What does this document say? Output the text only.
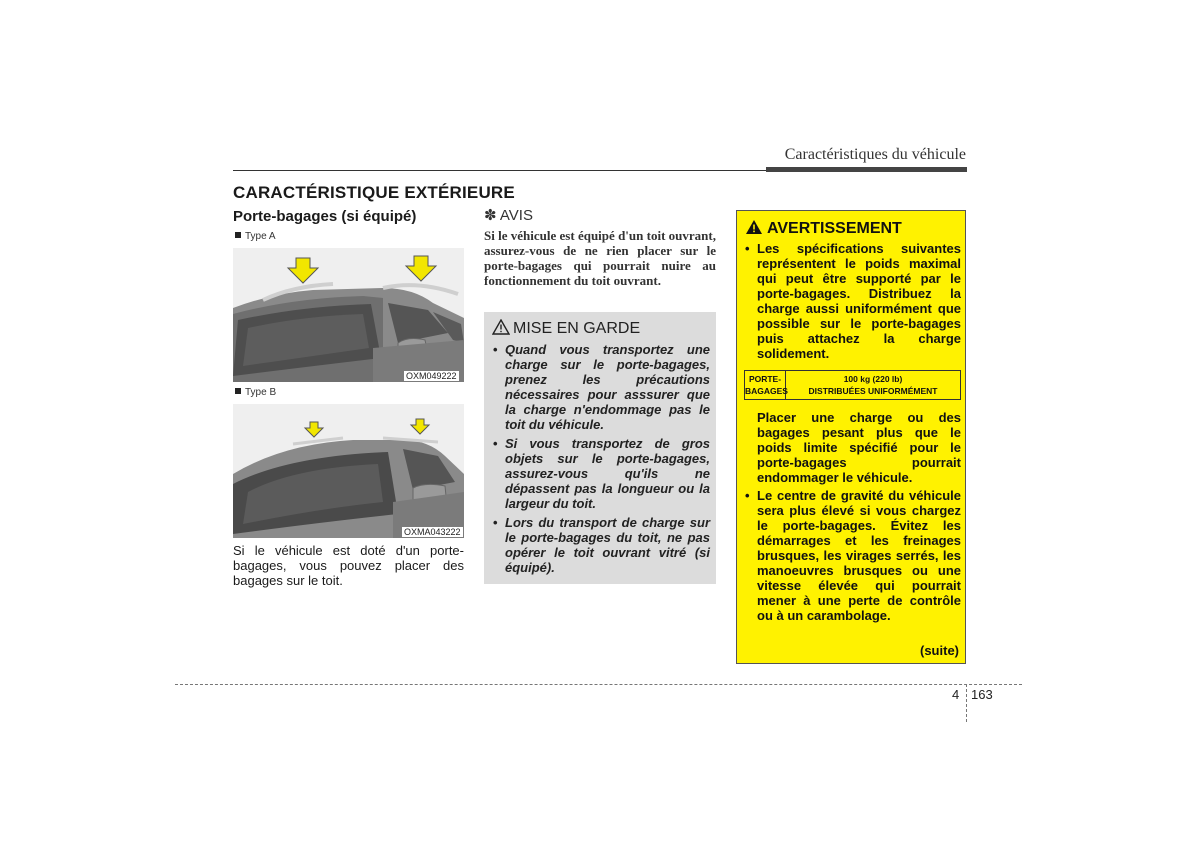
Caractéristiques du véhicule
CARACTÉRISTIQUE EXTÉRIEURE
Porte-bagages (si équipé)
Type A
OXM049222
Type B
OXMA043222
Si le véhicule est doté d'un porte-bagages, vous pouvez placer des bagages sur le toit.
✽ AVIS
Si le véhicule est équipé d'un toit ouvrant, assurez-vous de ne rien placer sur le porte-bagages qui pourrait nuire au fonctionnement du toit ouvrant.
MISE EN GARDE
• Quand vous transportez une charge sur le porte-bagages, prenez les précautions nécessaires pour asssurer que la charge n'endommage pas le toit du véhicule.
• Si vous transportez de gros objets sur le porte-bagages, assurez-vous qu'ils ne dépassent pas la longueur ou la largeur du toit.
• Lors du transport de charge sur le porte-bagages du toit, ne pas opérer le toit ouvrant vitré (si équipé).
AVERTISSEMENT
• Les spécifications suivantes représentent le poids maximal qui peut être supporté par le porte-bagages. Distribuez la charge aussi uniformément que possible sur le porte-bagages puis attachez la charge solidement.
PORTE-
BAGAGES
100 kg (220 lb)
DISTRIBUÉES UNIFORMÉMENT
Placer une charge ou des bagages pesant plus que le poids limite spécifié pour le porte-bagages pourrait endommager le véhicule.
• Le centre de gravité du véhicule sera plus élevé si vous chargez le porte-bagages. Évitez les démarrages et les freinages brusques, les virages serrés, les manoeuvres brusques ou une vitesse élevée qui pourrait mener à une perte de contrôle ou à un carambolage.
(suite)
4 163
